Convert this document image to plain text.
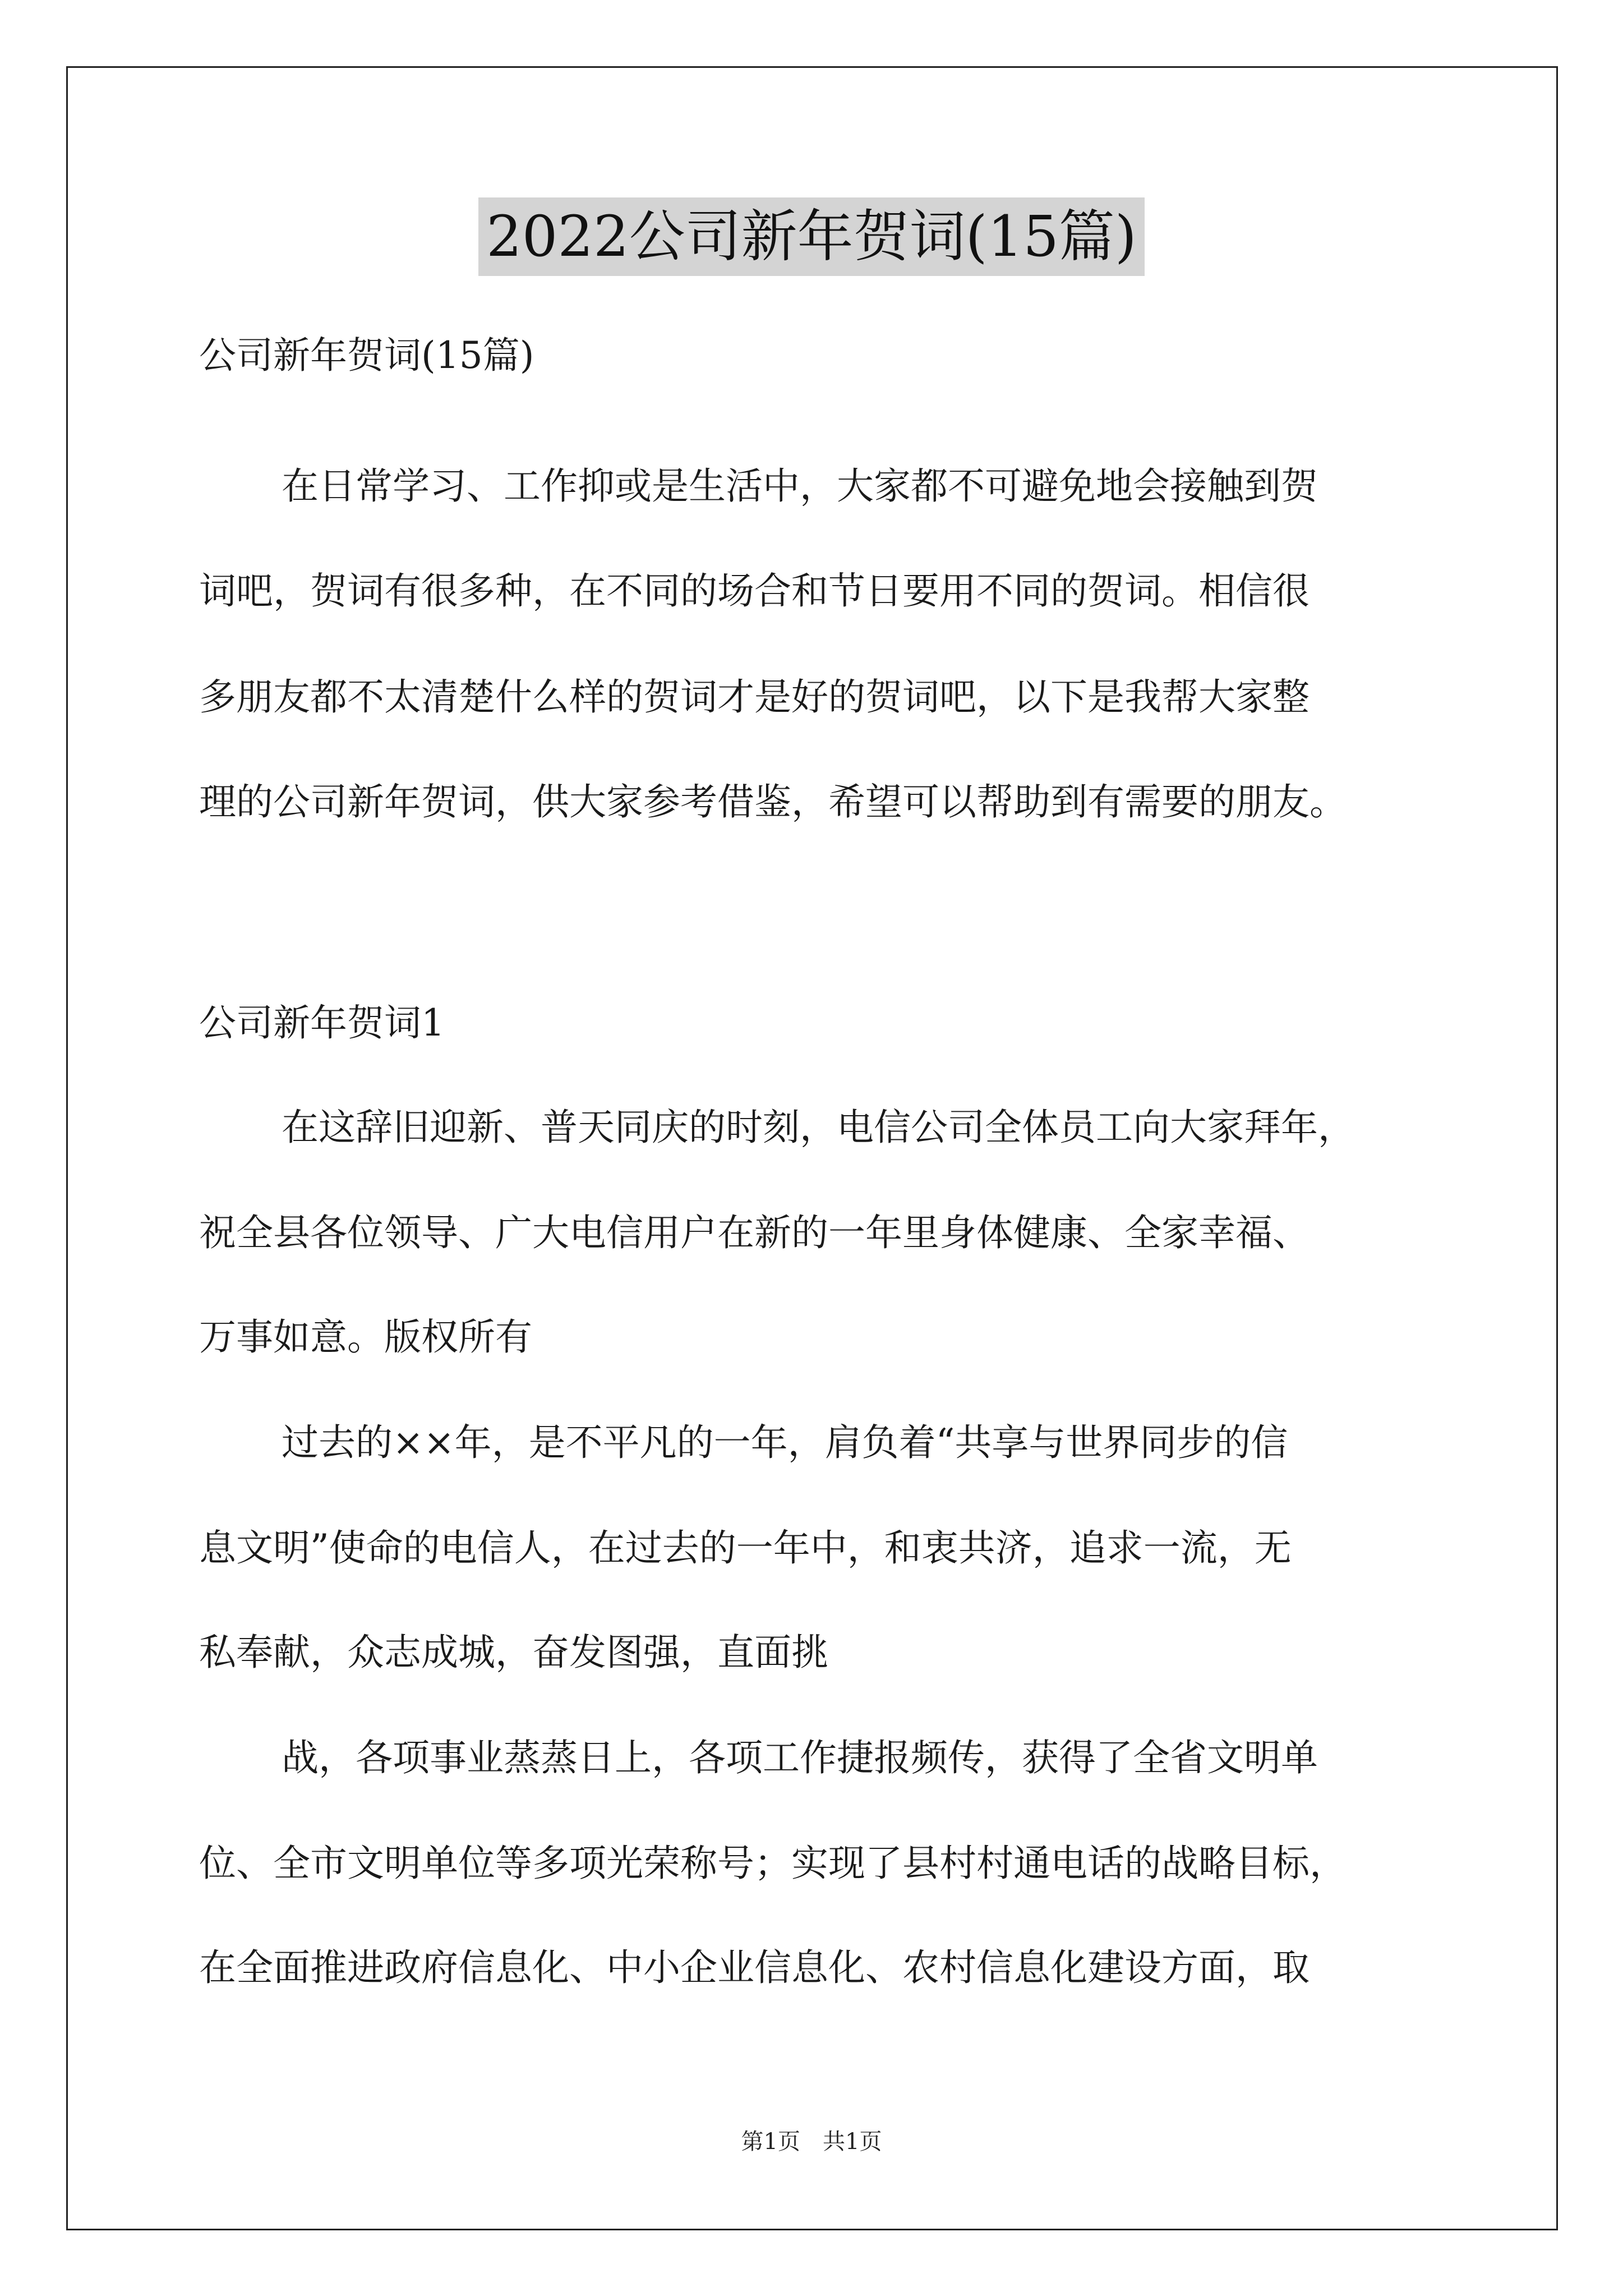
2022公司新年贺词(15篇)
公司新年贺词(15篇)
在日常学习、工作抑或是生活中，大家都不可避免地会接触到贺
词吧，贺词有很多种，在不同的场合和节日要用不同的贺词。相信很
多朋友都不太清楚什么样的贺词才是好的贺词吧，以下是我帮大家整
理的公司新年贺词，供大家参考借鉴，希望可以帮助到有需要的朋友。
公司新年贺词1
在这辞旧迎新、普天同庆的时刻，电信公司全体员工向大家拜年，
祝全县各位领导、广大电信用户在新的一年里身体健康、全家幸福、
万事如意。版权所有
过去的××年，是不平凡的一年，肩负着“共享与世界同步的信
息文明”使命的电信人，在过去的一年中，和衷共济，追求一流，无
私奉献，众志成城，奋发图强，直面挑
战，各项事业蒸蒸日上，各项工作捷报频传，获得了全省文明单
位、全市文明单位等多项光荣称号；实现了县村村通电话的战略目标，
在全面推进政府信息化、中小企业信息化、农村信息化建设方面，取
第1页　共1页
